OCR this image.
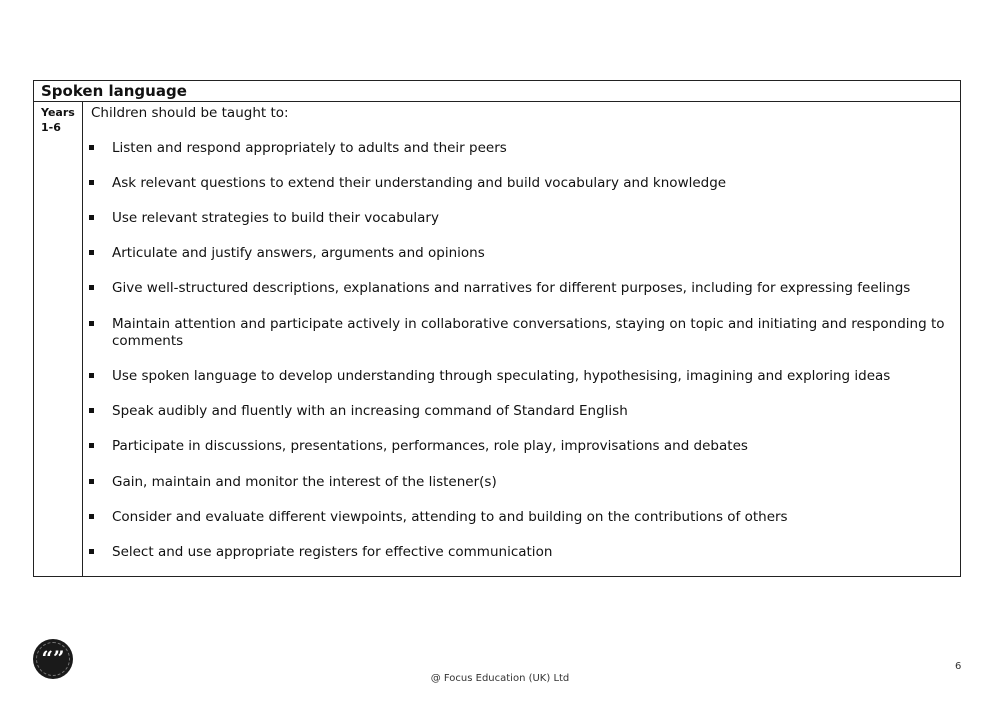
Spoken language
Years
1-6
Children should be taught to:
Listen and respond appropriately to adults and their peers
Ask relevant questions to extend their understanding and build vocabulary and knowledge
Use relevant strategies to build their vocabulary
Articulate and justify answers, arguments and opinions
Give well-structured descriptions, explanations and narratives for different purposes, including for expressing feelings
Maintain attention and participate actively in collaborative conversations, staying on topic and initiating and responding to comments
Use spoken language to develop understanding through speculating, hypothesising, imagining and exploring ideas
Speak audibly and fluently with an increasing command of Standard English
Participate in discussions, presentations, performances, role play, improvisations and debates
Gain, maintain and monitor the interest of the listener(s)
Consider and evaluate different viewpoints, attending to and building on the contributions of others
Select and use appropriate registers for effective communication
“”	6
@ Focus Education (UK) Ltd
